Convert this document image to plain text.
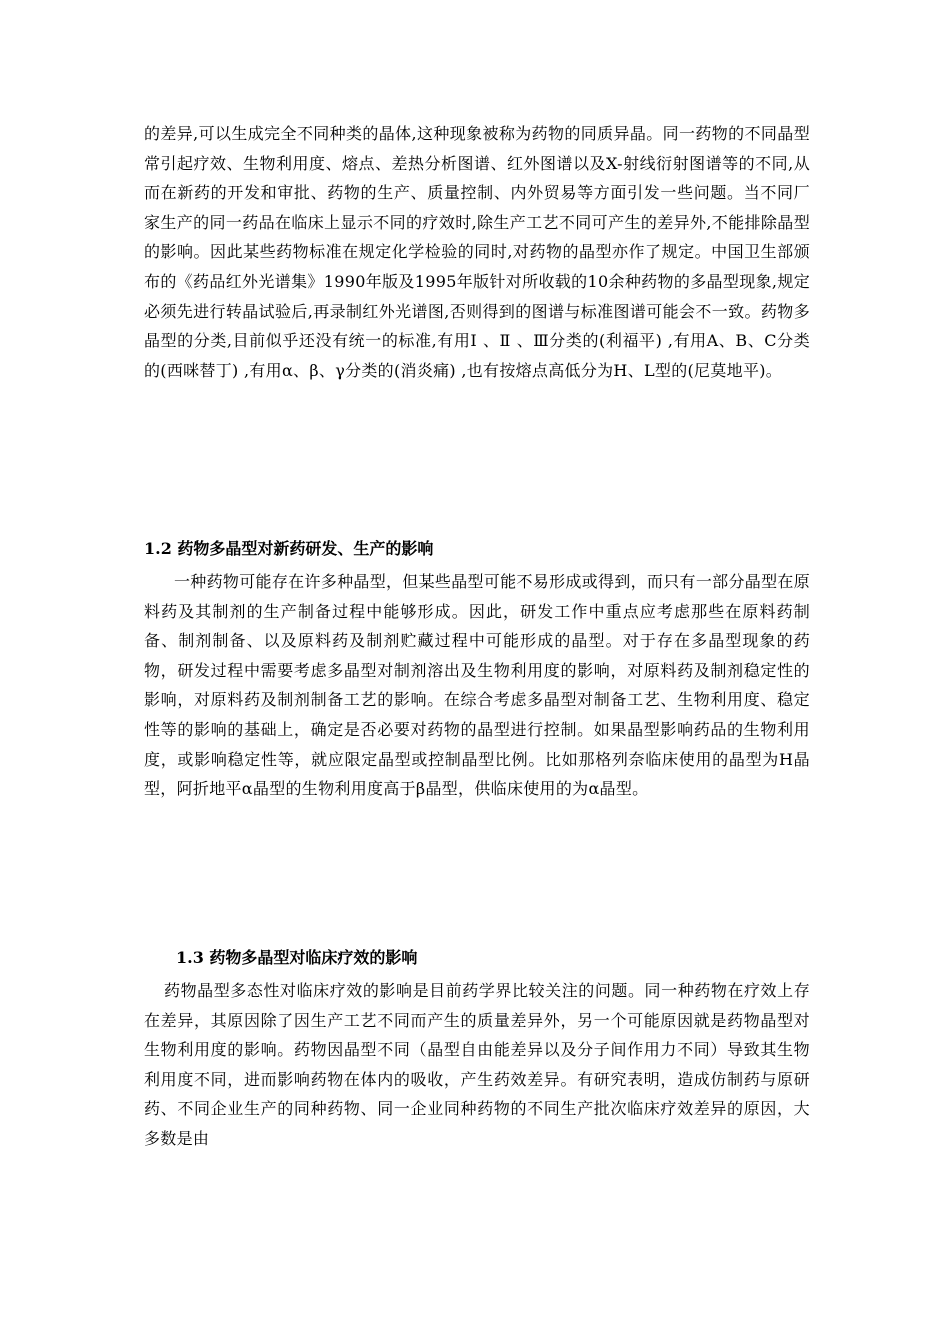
的差异,可以生成完全不同种类的晶体,这种现象被称为药物的同质异晶。同一药物的不同晶型常引起疗效、生物利用度、熔点、差热分析图谱、红外图谱以及X-射线衍射图谱等的不同,从而在新药的开发和审批、药物的生产、质量控制、内外贸易等方面引发一些问题。当不同厂家生产的同一药品在临床上显示不同的疗效时,除生产工艺不同可产生的差异外,不能排除晶型的影响。因此某些药物标准在规定化学检验的同时,对药物的晶型亦作了规定。中国卫生部颁布的《药品红外光谱集》1990年版及1995年版针对所收载的10余种药物的多晶型现象,规定必须先进行转晶试验后,再录制红外光谱图,否则得到的图谱与标准图谱可能会不一致。药物多晶型的分类,目前似乎还没有统一的标准,有用Ⅰ 、Ⅱ 、Ⅲ分类的(利福平) ,有用A、B、C分类的(西咪替丁) ,有用α、β、γ分类的(消炎痛) ,也有按熔点高低分为H、L型的(尼莫地平)。

1.2 药物多晶型对新药研发、生产的影响

一种药物可能存在许多种晶型，但某些晶型可能不易形成或得到，而只有一部分晶型在原料药及其制剂的生产制备过程中能够形成。因此，研发工作中重点应考虑那些在原料药制备、制剂制备、以及原料药及制剂贮藏过程中可能形成的晶型。对于存在多晶型现象的药物，研发过程中需要考虑多晶型对制剂溶出及生物利用度的影响，对原料药及制剂稳定性的影响，对原料药及制剂制备工艺的影响。在综合考虑多晶型对制备工艺、生物利用度、稳定性等的影响的基础上，确定是否必要对药物的晶型进行控制。如果晶型影响药品的生物利用度，或影响稳定性等，就应限定晶型或控制晶型比例。比如那格列奈临床使用的晶型为H晶型，阿折地平α晶型的生物利用度高于β晶型，供临床使用的为α晶型。

1.3 药物多晶型对临床疗效的影响

药物晶型多态性对临床疗效的影响是目前药学界比较关注的问题。同一种药物在疗效上存在差异，其原因除了因生产工艺不同而产生的质量差异外，另一个可能原因就是药物晶型对生物利用度的影响。药物因晶型不同（晶型自由能差异以及分子间作用力不同）导致其生物利用度不同，进而影响药物在体内的吸收，产生药效差异。有研究表明，造成仿制药与原研药、不同企业生产的同种药物、同一企业同种药物的不同生产批次临床疗效差异的原因，大多数是由
